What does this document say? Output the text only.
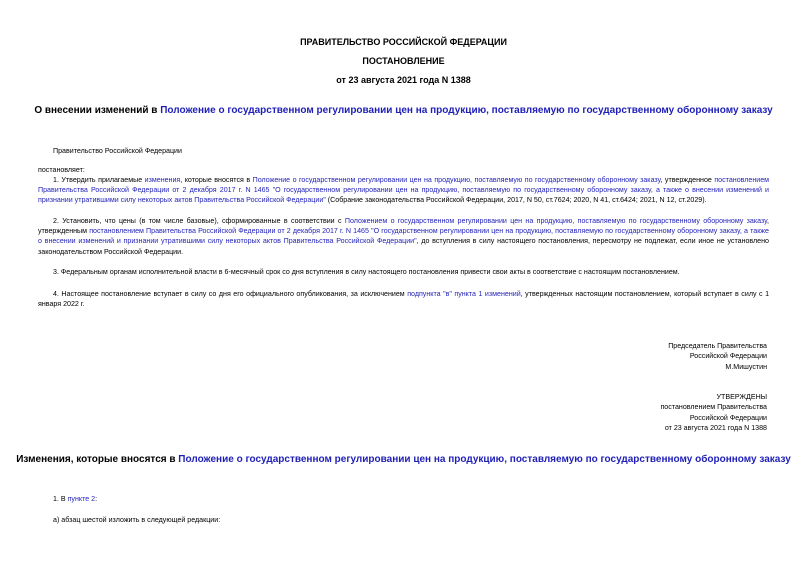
ПРАВИТЕЛЬСТВО РОССИЙСКОЙ ФЕДЕРАЦИИ
ПОСТАНОВЛЕНИЕ
от 23 августа 2021 года N 1388
О внесении изменений в Положение о государственном регулировании цен на продукцию, поставляемую по государственному оборонному заказу
Правительство Российской Федерации
постановляет:
1. Утвердить прилагаемые изменения, которые вносятся в Положение о государственном регулировании цен на продукцию, поставляемую по государственному оборонному заказу, утвержденное постановлением Правительства Российской Федерации от 2 декабря 2017 г. N 1465 "О государственном регулировании цен на продукцию, поставляемую по государственному оборонному заказу, а также о внесении изменений и признании утратившими силу некоторых актов Правительства Российской Федерации" (Собрание законодательства Российской Федерации, 2017, N 50, ст.7624; 2020, N 41, ст.6424; 2021, N 12, ст.2029).
2. Установить, что цены (в том числе базовые), сформированные в соответствии с Положением о государственном регулировании цен на продукцию, поставляемую по государственному оборонному заказу, утвержденным постановлением Правительства Российской Федерации от 2 декабря 2017 г. N 1465 "О государственном регулировании цен на продукцию, поставляемую по государственному оборонному заказу, а также о внесении изменений и признании утратившими силу некоторых актов Правительства Российской Федерации", до вступления в силу настоящего постановления, пересмотру не подлежат, если иное не установлено законодательством Российской Федерации.
3. Федеральным органам исполнительной власти в 6-месячный срок со дня вступления в силу настоящего постановления привести свои акты в соответствие с настоящим постановлением.
4. Настоящее постановление вступает в силу со дня его официального опубликования, за исключением подпункта "в" пункта 1 изменений, утвержденных настоящим постановлением, который вступает в силу с 1 января 2022 г.
Председатель Правительства
Российской Федерации
М.Мишустин
УТВЕРЖДЕНЫ
постановлением Правительства
Российской Федерации
от 23 августа 2021 года N 1388
Изменения, которые вносятся в Положение о государственном регулировании цен на продукцию, поставляемую по государственному оборонному заказу
1. В пункте 2:
а) абзац шестой изложить в следующей редакции:
